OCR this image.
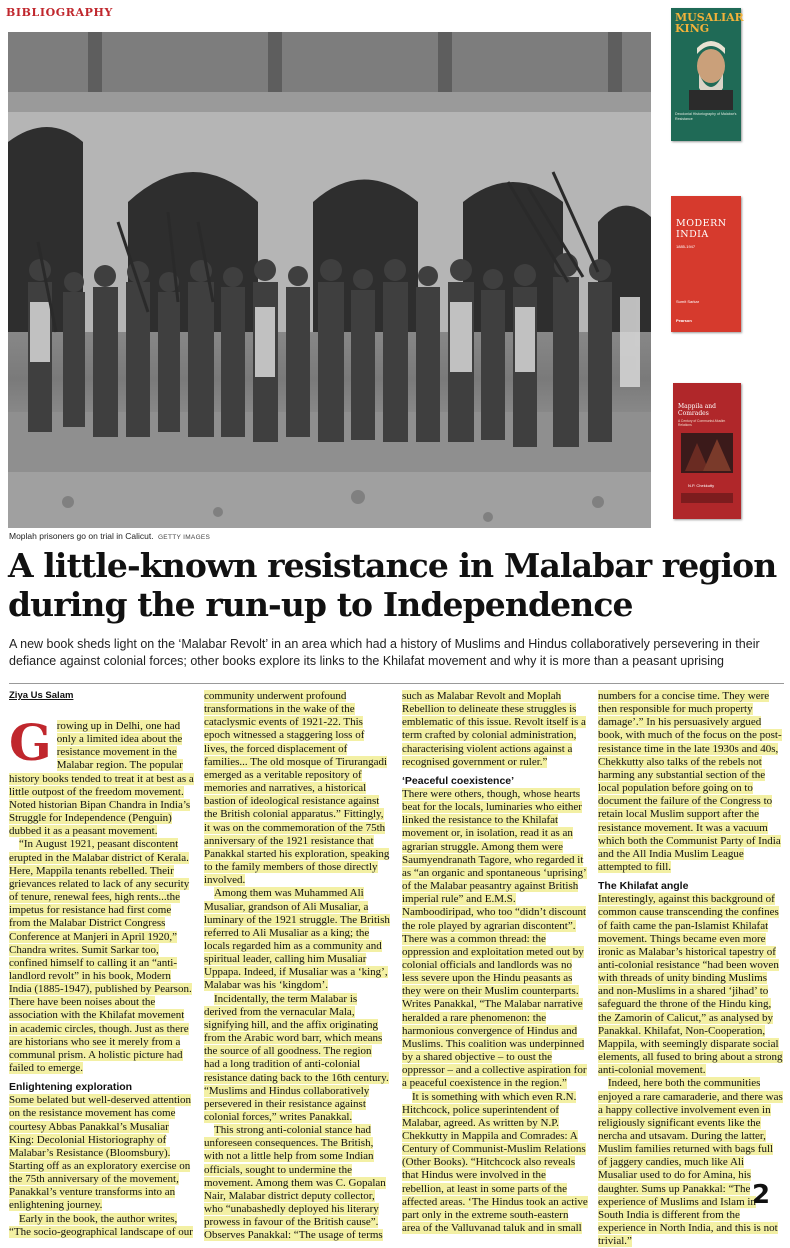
BIBLIOGRAPHY
Moplah prisoners go on trial in Calicut. GETTY IMAGES
MUSALIAR KING
Decolonial Historiography of Malabar's Resistance
MODERN INDIA
1885-1947
Sumit Sarkar
Pearson
Mappila and Comrades
A Century of Communist-Muslim Relations
N.P. Chekkutty
A little-known resistance in Malabar region during the run-up to Independence

A new book sheds light on the ‘Malabar Revolt’ in an area which had a history of Muslims and Hindus collaboratively persevering in their defiance against colonial forces; other books explore its links to the Khilafat movement and why it is more than a peasant uprising

Ziya Us Salam

Growing up in Delhi, one had only a limited idea about the resistance movement in the Malabar region. The popular history books tended to treat it at best as a little outpost of the freedom movement. Noted historian Bipan Chandra in India’s Struggle for Independence (Penguin) dubbed it as a peasant movement.

“In August 1921, peasant discontent erupted in the Malabar district of Kerala. Here, Mappila tenants rebelled. Their grievances related to lack of any security of tenure, renewal fees, high rents...the impetus for resistance had first come from the Malabar District Congress Conference at Manjeri in April 1920,” Chandra writes. Sumit Sarkar too, confined himself to calling it an “anti-landlord revolt” in his book, Modern India (1885-1947), published by Pearson. There have been noises about the association with the Khilafat movement in academic circles, though. Just as there are historians who see it merely from a communal prism. A holistic picture had failed to emerge.

Enlightening exploration

Some belated but well-deserved attention on the resistance movement has come courtesy Abbas Panakkal’s Musaliar King: Decolonial Historiography of Malabar’s Resistance (Bloomsbury). Starting off as an exploratory exercise on the 75th anniversary of the movement, Panakkal’s venture transforms into an enlightening journey.

Early in the book, the author writes, “The socio-geographical landscape of our

community underwent profound transformations in the wake of the cataclysmic events of 1921-22. This epoch witnessed a staggering loss of lives, the forced displacement of families... The old mosque of Tirurangadi emerged as a veritable repository of memories and narratives, a historical bastion of ideological resistance against the British colonial apparatus.” Fittingly, it was on the commemoration of the 75th anniversary of the 1921 resistance that Panakkal started his exploration, speaking to the family members of those directly involved.

Among them was Muhammed Ali Musaliar, grandson of Ali Musaliar, a luminary of the 1921 struggle. The British referred to Ali Musaliar as a king; the locals regarded him as a community and spiritual leader, calling him Musaliar Uppapa. Indeed, if Musaliar was a ‘king’, Malabar was his ‘kingdom’.

Incidentally, the term Malabar is derived from the vernacular Mala, signifying hill, and the affix originating from the Arabic word barr, which means the source of all goodness. The region had a long tradition of anti-colonial resistance dating back to the 16th century. “Muslims and Hindus collaboratively persevered in their resistance against colonial forces,” writes Panakkal.

This strong anti-colonial stance had unforeseen consequences. The British, with not a little help from some Indian officials, sought to undermine the movement. Among them was C. Gopalan Nair, Malabar district deputy collector, who “unabashedly deployed his literary prowess in favour of the British cause”. Observes Panakkal: “The usage of terms

such as Malabar Revolt and Moplah Rebellion to delineate these struggles is emblematic of this issue. Revolt itself is a term crafted by colonial administration, characterising violent actions against a recognised government or ruler.”

‘Peaceful coexistence’

There were others, though, whose hearts beat for the locals, luminaries who either linked the resistance to the Khilafat movement or, in isolation, read it as an agrarian struggle. Among them were Saumyendranath Tagore, who regarded it as “an organic and spontaneous ‘uprising’ of the Malabar peasantry against British imperial rule” and E.M.S. Namboodiripad, who too “didn’t discount the role played by agrarian discontent”. There was a common thread: the oppression and exploitation meted out by colonial officials and landlords was no less severe upon the Hindu peasants as they were on their Muslim counterparts. Writes Panakkal, “The Malabar narrative heralded a rare phenomenon: the harmonious convergence of Hindus and Muslims. This coalition was underpinned by a shared objective – to oust the oppressor – and a collective aspiration for a peaceful coexistence in the region.”

It is something with which even R.N. Hitchcock, police superintendent of Malabar, agreed. As written by N.P. Chekkutty in Mappila and Comrades: A Century of Communist-Muslim Relations (Other Books). “Hitchcock also reveals that Hindus were involved in the rebellion, at least in some parts of the affected areas. ‘The Hindus took an active part only in the extreme south-eastern area of the Valluvanad taluk and in small

numbers for a concise time. They were then responsible for much property damage’.” In his persuasively argued book, with much of the focus on the post-resistance time in the late 1930s and 40s, Chekkutty also talks of the rebels not harming any substantial section of the local population before going on to document the failure of the Congress to retain local Muslim support after the resistance movement. It was a vacuum which both the Communist Party of India and the All India Muslim League attempted to fill.

The Khilafat angle

Interestingly, against this background of common cause transcending the confines of faith came the pan-Islamist Khilafat movement. Things became even more ironic as Malabar’s historical tapestry of anti-colonial resistance “had been woven with threads of unity binding Muslims and non-Muslims in a shared ‘jihad’ to safeguard the throne of the Hindu king, the Zamorin of Calicut,” as analysed by Panakkal. Khilafat, Non-Cooperation, Mappila, with seemingly disparate social elements, all fused to bring about a strong anti-colonial movement.

Indeed, here both the communities enjoyed a rare camaraderie, and there was a happy collective involvement even in religiously significant events like the nercha and utsavam. During the latter, Muslim families returned with bags full of jaggery candies, much like Ali Musaliar used to do for Amina, his daughter. Sums up Panakkal: “The experience of Muslims and Islam in South India is different from the experience in North India, and this is not trivial.”

2
